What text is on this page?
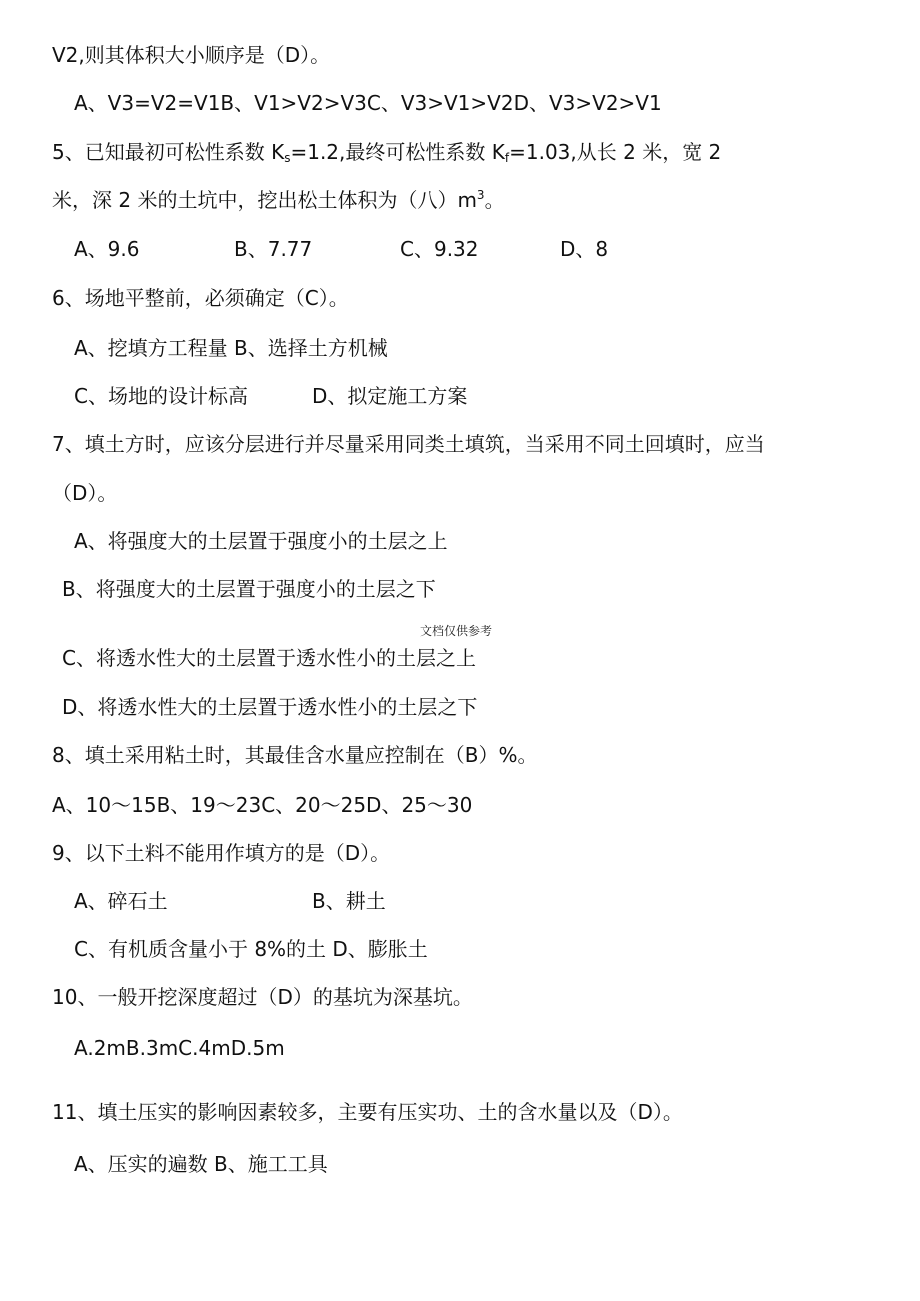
V2,则其体积大小顺序是（D）。
A、V3=V2=V1B、V1>V2>V3C、V3>V1>V2D、V3>V2>V1
5、已知最初可松性系数 $K_s=1.2$,最终可松性系数 $K_f=1.03$,从长 2 米，宽 2
米，深 2 米的土坑中，挖出松土体积为（八）$m^3$。
A、9.6	B、7.77	C、9.32	D、8
6、场地平整前，必须确定（C）。
A、挖填方工程量 B、选择土方机械
C、场地的设计标高	D、拟定施工方案
7、填土方时，应该分层进行并尽量采用同类土填筑，当采用不同土回填时，应当
（D）。
A、将强度大的土层置于强度小的土层之上
B、将强度大的土层置于强度小的土层之下
文档仅供参考
C、将透水性大的土层置于透水性小的土层之上
D、将透水性大的土层置于透水性小的土层之下
8、填土采用粘土时，其最佳含水量应控制在（B）%。
A、10～15B、19～23C、20～25D、25～30
9、以下土料不能用作填方的是（D）。
A、碎石土	B、耕土
C、有机质含量小于 8%的土 D、膨胀土
10、一般开挖深度超过（D）的基坑为深基坑。
A.2mB.3mC.4mD.5m
11、填土压实的影响因素较多，主要有压实功、土的含水量以及（D）。
A、压实的遍数 B、施工工具
